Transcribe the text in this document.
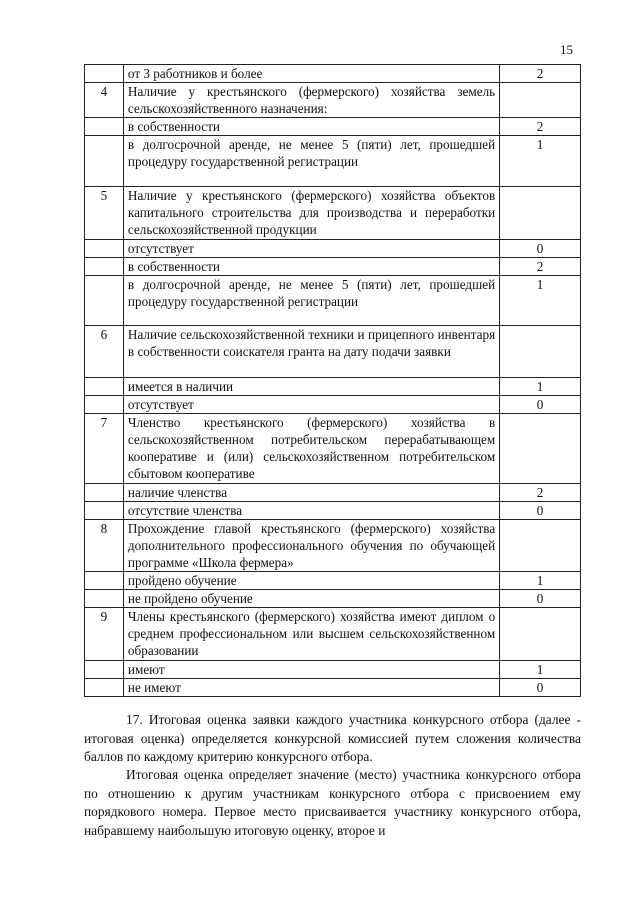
15
	от 3 работников и более	2
4	Наличие у крестьянского (фермерского) хозяйства земель сельскохозяйственного назначения:	
	в собственности	2
	в долгосрочной аренде, не менее 5 (пяти) лет, прошедшей процедуру государственной регистрации	1
5	Наличие у крестьянского (фермерского) хозяйства объектов капитального строительства для производства и переработки сельскохозяйственной продукции	
	отсутствует	0
	в собственности	2
	в долгосрочной аренде, не менее 5 (пяти) лет, прошедшей процедуру государственной регистрации	1
6	Наличие сельскохозяйственной техники и прицепного инвентаря в собственности соискателя гранта на дату подачи заявки	
	имеется в наличии	1
	отсутствует	0
7	Членство крестьянского (фермерского) хозяйства в сельскохозяйственном потребительском перерабатывающем кооперативе и (или) сельскохозяйственном потребительском сбытовом кооперативе	
	наличие членства	2
	отсутствие членства	0
8	Прохождение главой крестьянского (фермерского) хозяйства дополнительного профессионального обучения по обучающей программе «Школа фермера»	
	пройдено обучение	1
	не пройдено обучение	0
9	Члены крестьянского (фермерского) хозяйства имеют диплом о среднем профессиональном или высшем сельскохозяйственном образовании	
	имеют	1
	не имеют	0

17. Итоговая оценка заявки каждого участника конкурсного отбора (далее - итоговая оценка) определяется конкурсной комиссией путем сложения количества баллов по каждому критерию конкурсного отбора.

Итоговая оценка определяет значение (место) участника конкурсного отбора по отношению к другим участникам конкурсного отбора с присвоением ему порядкового номера. Первое место присваивается участнику конкурсного отбора, набравшему наибольшую итоговую оценку, второе и
